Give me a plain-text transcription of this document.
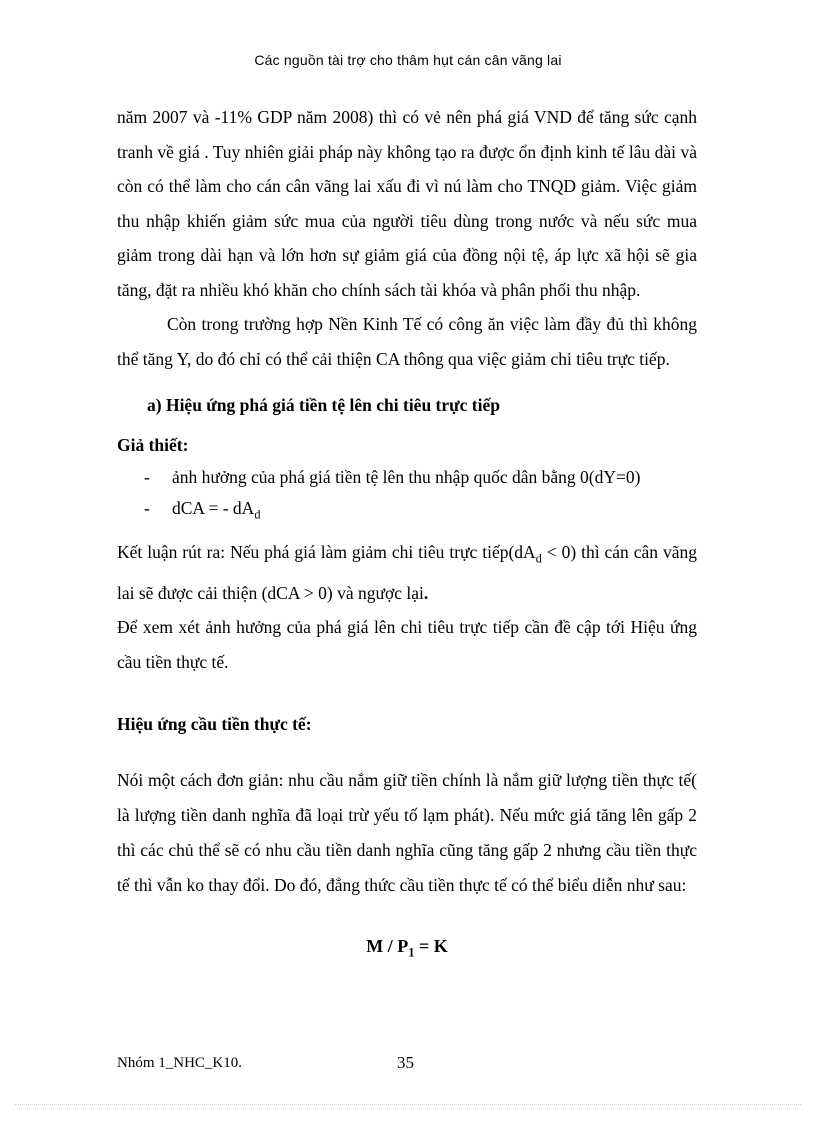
Các nguồn tài trợ cho thâm hụt cán cân vãng lai

năm 2007 và -11% GDP năm 2008) thì có vẻ nên phá giá VND để tăng sức cạnh tranh về giá . Tuy nhiên giải pháp này không tạo ra được ổn định kinh tế lâu dài và còn có thể làm cho cán cân vãng lai xấu đi vì nú làm cho TNQD giảm. Việc giảm thu nhập khiến giảm sức mua của người tiêu dùng trong nước và nếu sức mua giảm trong dài hạn và lớn hơn sự giảm giá của đồng nội tệ, áp lực xã hội sẽ gia tăng, đặt ra nhiều khó khăn cho chính sách tài khóa và phân phối thu nhập.

Còn trong trường hợp Nền Kinh Tế có công ăn việc làm đầy đủ thì không thể tăng Y, do đó chỉ có thể cải thiện CA thông qua việc giảm chi tiêu trực tiếp.

a) Hiệu ứng phá giá tiền tệ lên chi tiêu trực tiếp

Giả thiết:

- ảnh hưởng của phá giá tiền tệ lên thu nhập quốc dân bằng 0(dY=0)
- dCA = - $dA_d$

Kết luận rút ra: Nếu phá giá làm giảm chi tiêu trực $tiếp(dA_d < 0)$ thì cán cân vãng lai sẽ được cải thiện (dCA > 0) và ngược lại.

Để xem xét ảnh hưởng của phá giá lên chi tiêu trực tiếp cần đề cập tới Hiệu ứng cầu tiền thực tế.

Hiệu ứng cầu tiền thực tế:

Nói một cách đơn giản: nhu cầu nắm giữ tiền chính là nắm giữ lượng tiền thực tế( là lượng tiền danh nghĩa đã loại trừ yếu tố lạm phát). Nếu mức giá tăng lên gấp 2 thì các chủ thể sẽ có nhu cầu tiền danh nghĩa cũng tăng gấp 2 nhưng cầu tiền thực tế thì vẫn ko thay đổi. Do đó, đẳng thức cầu tiền thực tế có thể biểu diễn như sau:

$M / P_1 = K$

Nhóm 1_NHC_K10.	35
